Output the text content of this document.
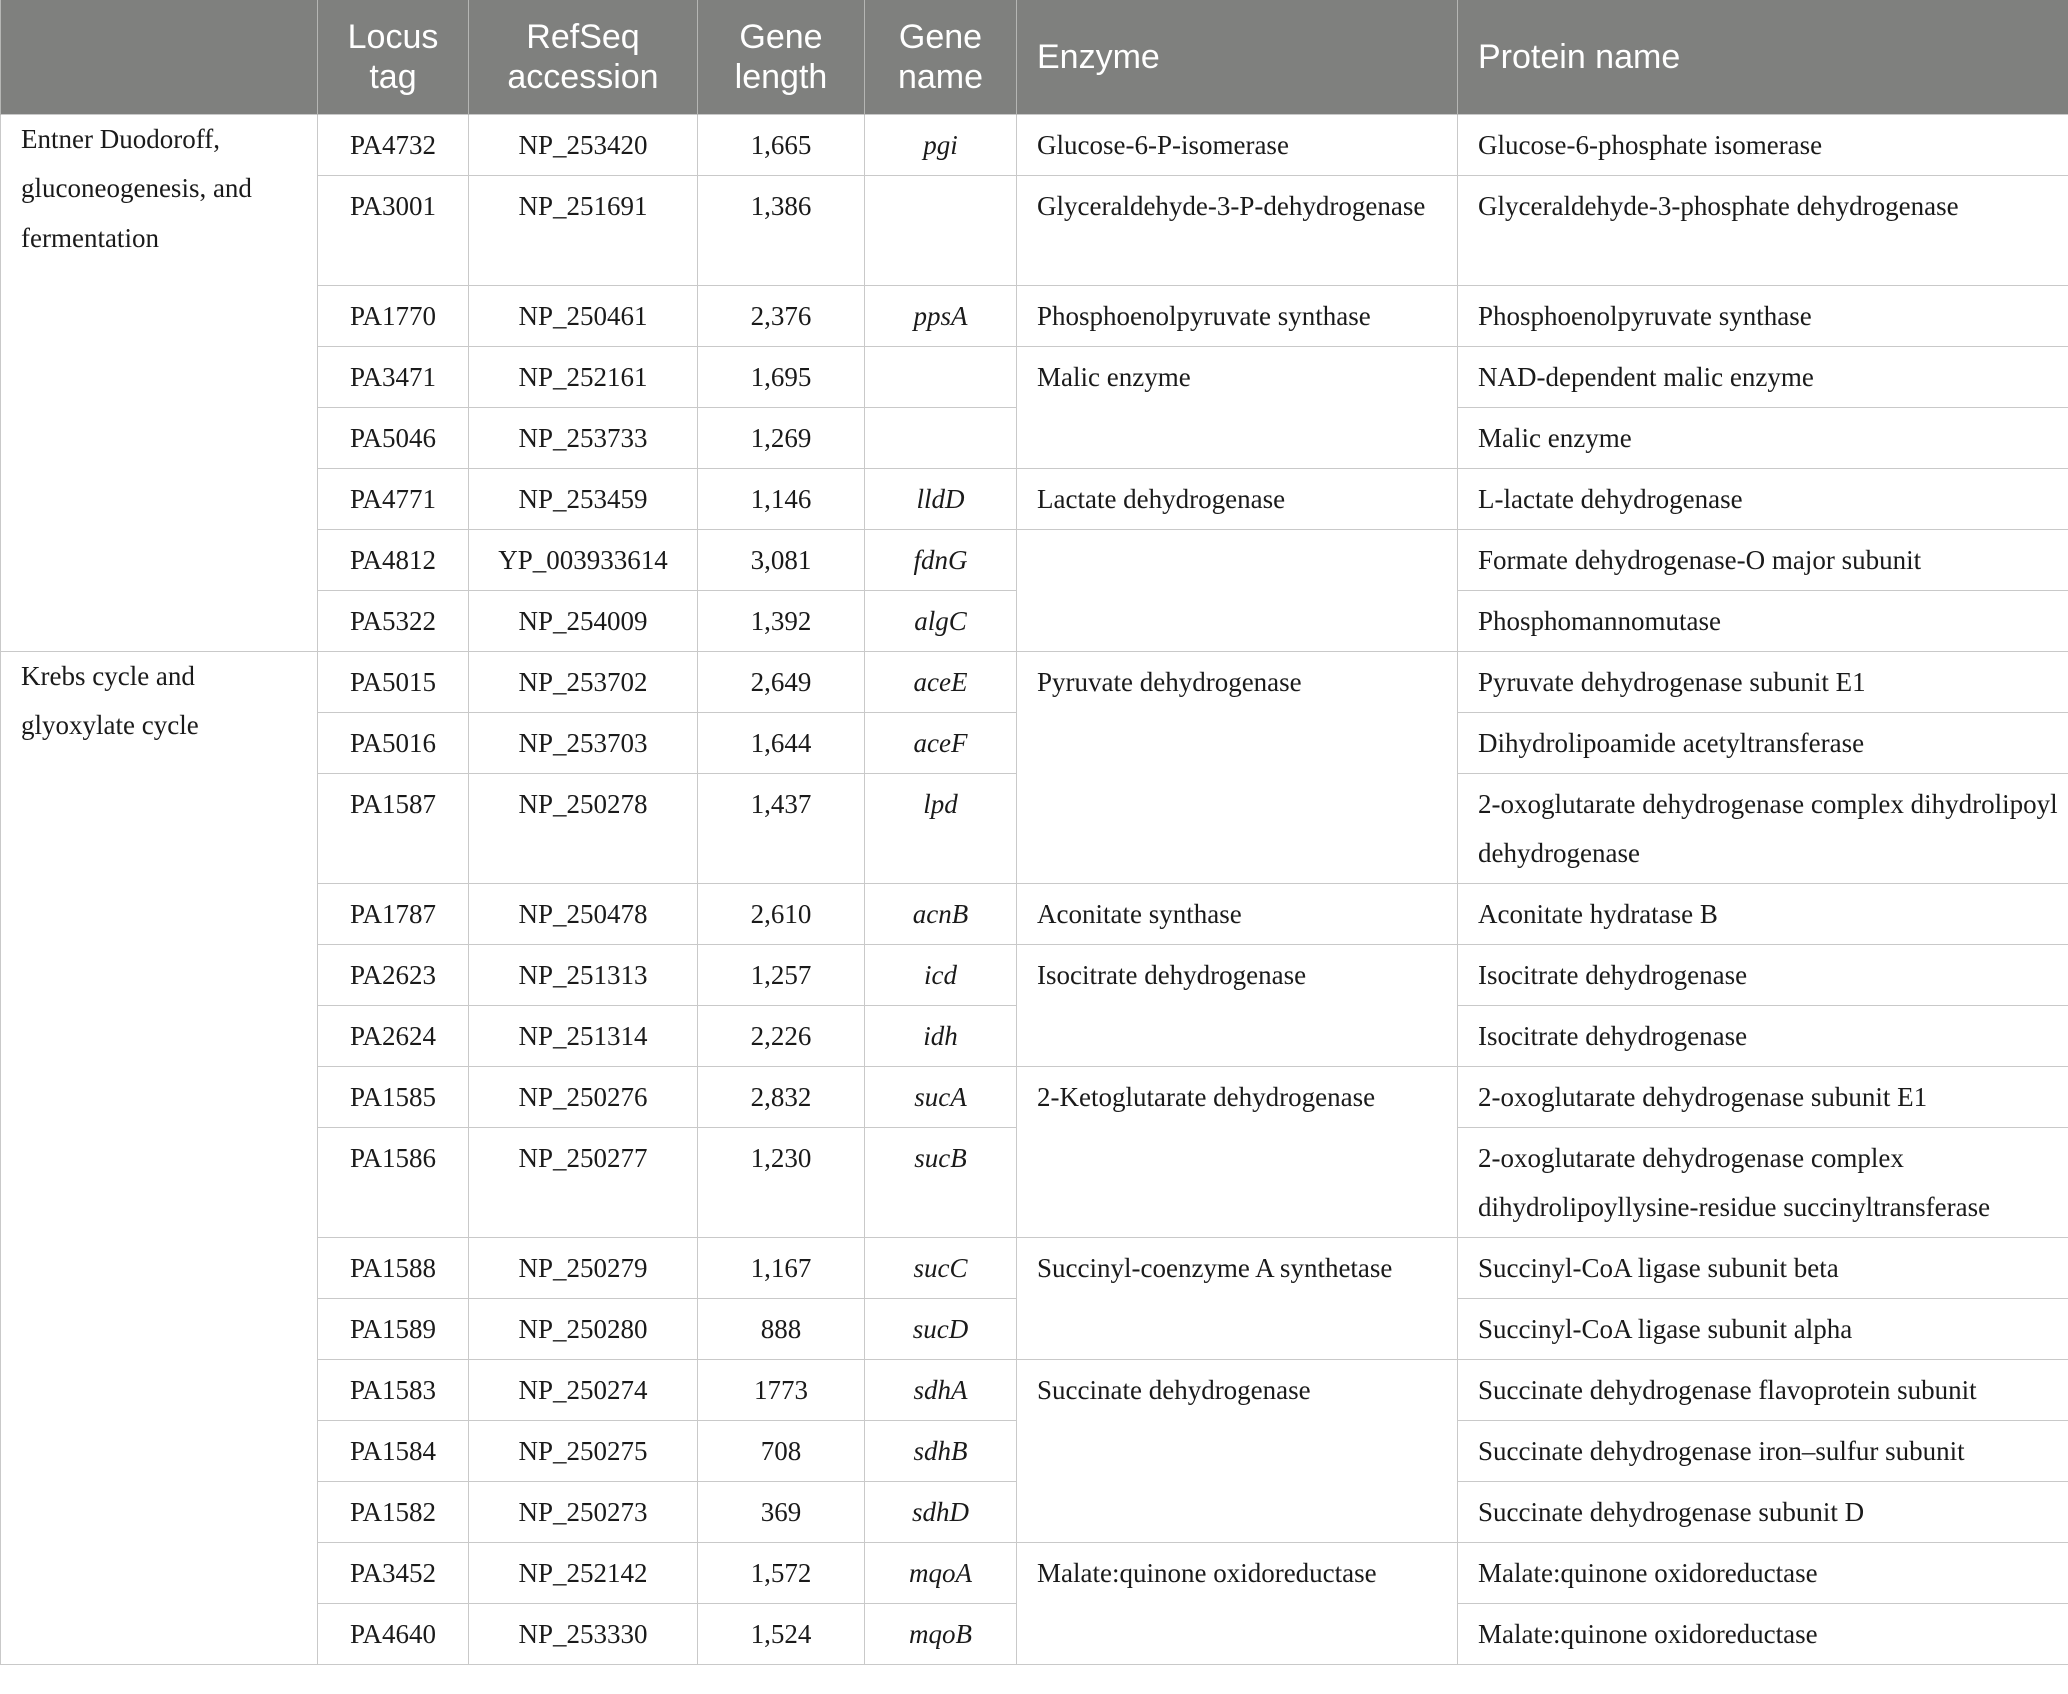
	Locus tag	RefSeq accession	Gene length	Gene name	Enzyme	Protein name
Entner Duodoroff, gluconeogenesis, and fermentation	PA4732	NP_253420	1,665	pgi	Glucose-6-P-isomerase	Glucose-6-phosphate isomerase
	PA3001	NP_251691	1,386		Glyceraldehyde-3-P-dehydrogenase	Glyceraldehyde-3-phosphate dehydrogenase
	PA1770	NP_250461	2,376	ppsA	Phosphoenolpyruvate synthase	Phosphoenolpyruvate synthase
	PA3471	NP_252161	1,695		Malic enzyme	NAD-dependent malic enzyme
	PA5046	NP_253733	1,269			Malic enzyme
	PA4771	NP_253459	1,146	lldD	Lactate dehydrogenase	L-lactate dehydrogenase
	PA4812	YP_003933614	3,081	fdnG		Formate dehydrogenase-O major subunit
	PA5322	NP_254009	1,392	algC		Phosphomannomutase
Krebs cycle and glyoxylate cycle	PA5015	NP_253702	2,649	aceE	Pyruvate dehydrogenase	Pyruvate dehydrogenase subunit E1
	PA5016	NP_253703	1,644	aceF		Dihydrolipoamide acetyltransferase
	PA1587	NP_250278	1,437	lpd		2-oxoglutarate dehydrogenase complex dihydrolipoyl dehydrogenase
	PA1787	NP_250478	2,610	acnB	Aconitate synthase	Aconitate hydratase B
	PA2623	NP_251313	1,257	icd	Isocitrate dehydrogenase	Isocitrate dehydrogenase
	PA2624	NP_251314	2,226	idh		Isocitrate dehydrogenase
	PA1585	NP_250276	2,832	sucA	2-Ketoglutarate dehydrogenase	2-oxoglutarate dehydrogenase subunit E1
	PA1586	NP_250277	1,230	sucB		2-oxoglutarate dehydrogenase complex dihydrolipoyllysine-residue succinyltransferase
	PA1588	NP_250279	1,167	sucC	Succinyl-coenzyme A synthetase	Succinyl-CoA ligase subunit beta
	PA1589	NP_250280	888	sucD		Succinyl-CoA ligase subunit alpha
	PA1583	NP_250274	1773	sdhA	Succinate dehydrogenase	Succinate dehydrogenase flavoprotein subunit
	PA1584	NP_250275	708	sdhB		Succinate dehydrogenase iron–sulfur subunit
	PA1582	NP_250273	369	sdhD		Succinate dehydrogenase subunit D
	PA3452	NP_252142	1,572	mqoA	Malate:quinone oxidoreductase	Malate:quinone oxidoreductase
	PA4640	NP_253330	1,524	mqoB		Malate:quinone oxidoreductase
